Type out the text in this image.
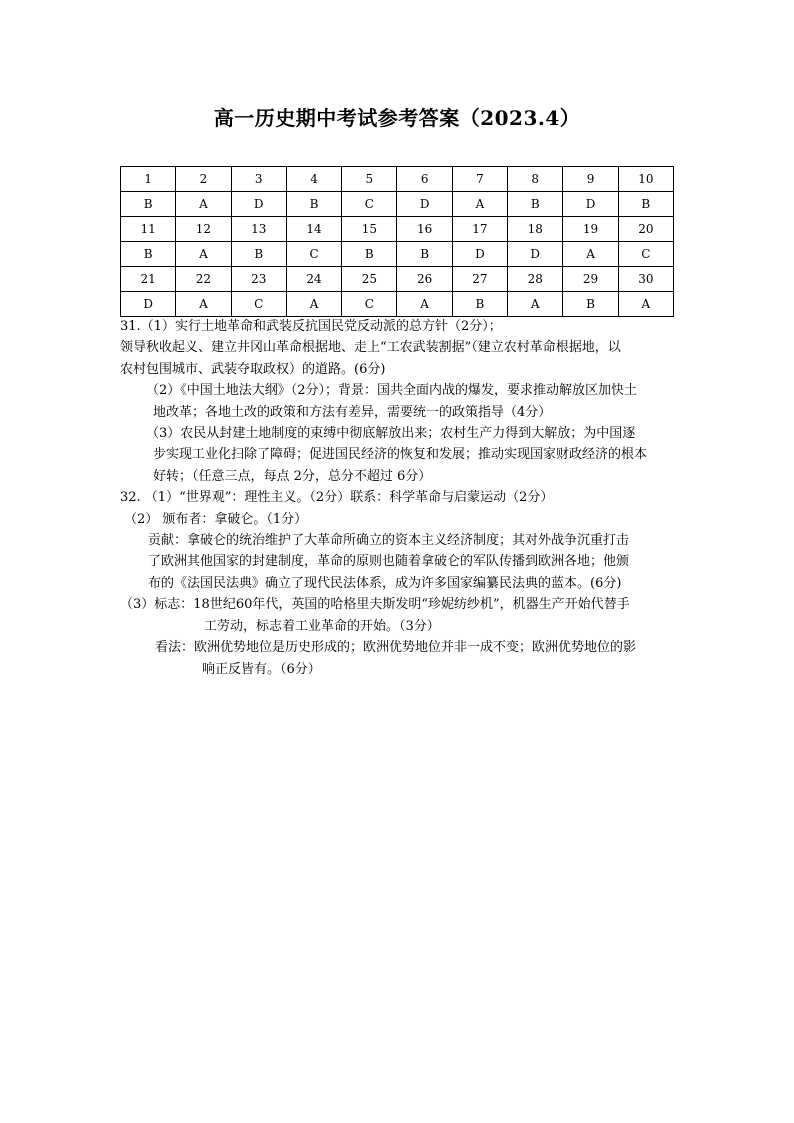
高一历史期中考试参考答案（2023.4）
1	2	3	4	5	6	7	8	9	10
B	A	D	B	C	D	A	B	D	B
11	12	13	14	15	16	17	18	19	20
B	A	B	C	B	B	D	D	A	C
21	22	23	24	25	26	27	28	29	30
D	A	C	A	C	A	B	A	B	A
31.（1）实行土地革命和武装反抗国民党反动派的总方针（2分）；
领导秋收起义、建立井冈山革命根据地、走上“工农武装割据”（建立农村革命根据地，以
农村包围城市、武装夺取政权）的道路。(6分)
（2）《中国土地法大纲》（2分）；背景：国共全面内战的爆发，要求推动解放区加快土
地改革；各地土改的政策和方法有差异，需要统一的政策指导（4分）
（3）农民从封建土地制度的束缚中彻底解放出来；农村生产力得到大解放；为中国逐
步实现工业化扫除了障碍；促进国民经济的恢复和发展；推动实现国家财政经济的根本
好转；（任意三点，每点 2分，总分不超过 6分）
32. （1）“世界观”：理性主义。（2分）联系：科学革命与启蒙运动（2分）
（2） 颁布者：拿破仑。（1分）
贡献：拿破仑的统治维护了大革命所确立的资本主义经济制度；其对外战争沉重打击
了欧洲其他国家的封建制度，革命的原则也随着拿破仑的军队传播到欧洲各地；他颁
布的《法国民法典》确立了现代民法体系，成为许多国家编纂民法典的蓝本。(6分)
（3）标志：18世纪60年代，英国的哈格里夫斯发明“珍妮纺纱机”，机器生产开始代替手
工劳动，标志着工业革命的开始。（3分）
看法：欧洲优势地位是历史形成的；欧洲优势地位并非一成不变；欧洲优势地位的影
响正反皆有。（6分）
